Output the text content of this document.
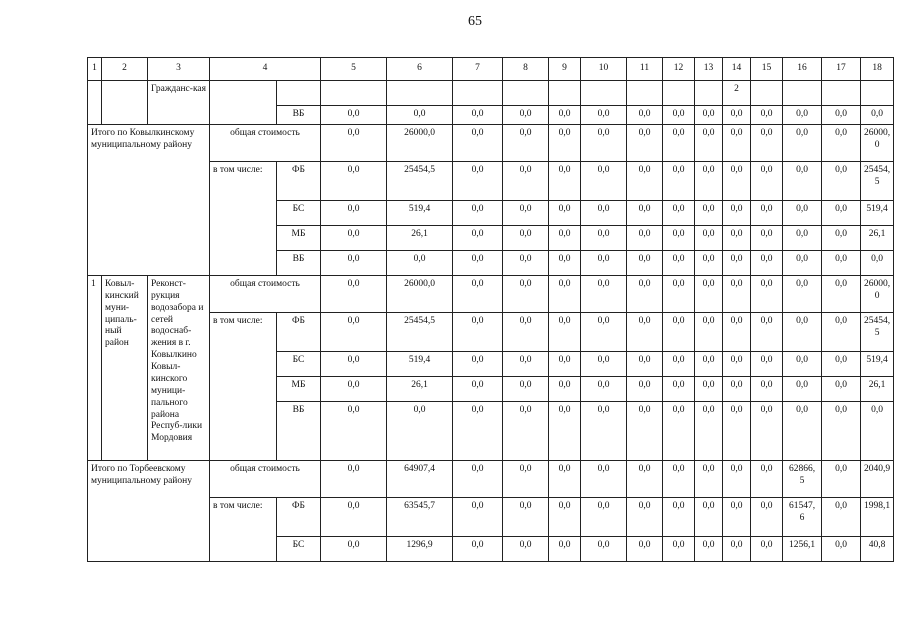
65
1	2	3	4		5	6	7	8	9	10	11	12	13	14	15	16	17	18
		Гражданс-кая												2				
				ВБ	0,0	0,0	0,0	0,0	0,0	0,0	0,0	0,0	0,0	0,0	0,0	0,0	0,0	0,0
Итого по Ковылкинскому муниципальному району			общая стоимость		0,0	26000,0	0,0	0,0	0,0	0,0	0,0	0,0	0,0	0,0	0,0	0,0	0,0	26000, 0
			в том числе:	ФБ	0,0	25454,5	0,0	0,0	0,0	0,0	0,0	0,0	0,0	0,0	0,0	0,0	0,0	25454, 5
				БС	0,0	519,4	0,0	0,0	0,0	0,0	0,0	0,0	0,0	0,0	0,0	0,0	0,0	519,4
				МБ	0,0	26,1	0,0	0,0	0,0	0,0	0,0	0,0	0,0	0,0	0,0	0,0	0,0	26,1
				ВБ	0,0	0,0	0,0	0,0	0,0	0,0	0,0	0,0	0,0	0,0	0,0	0,0	0,0	0,0
1	Ковыл-кинский муни-ципаль-ный район	Реконст-рукция водозабора и сетей водоснаб-жения в г. Ковылкино Ковыл-кинского муници-пального района Респуб-лики Мордовия	общая стоимость		0,0	26000,0	0,0	0,0	0,0	0,0	0,0	0,0	0,0	0,0	0,0	0,0	0,0	26000, 0
			в том числе:	ФБ	0,0	25454,5	0,0	0,0	0,0	0,0	0,0	0,0	0,0	0,0	0,0	0,0	0,0	25454, 5
				БС	0,0	519,4	0,0	0,0	0,0	0,0	0,0	0,0	0,0	0,0	0,0	0,0	0,0	519,4
				МБ	0,0	26,1	0,0	0,0	0,0	0,0	0,0	0,0	0,0	0,0	0,0	0,0	0,0	26,1
				ВБ	0,0	0,0	0,0	0,0	0,0	0,0	0,0	0,0	0,0	0,0	0,0	0,0	0,0	0,0
Итого по Торбеевскому муниципальному району			общая стоимость		0,0	64907,4	0,0	0,0	0,0	0,0	0,0	0,0	0,0	0,0	0,0	62866, 5	0,0	2040,9
			в том числе:	ФБ	0,0	63545,7	0,0	0,0	0,0	0,0	0,0	0,0	0,0	0,0	0,0	61547, 6	0,0	1998,1
				БС	0,0	1296,9	0,0	0,0	0,0	0,0	0,0	0,0	0,0	0,0	0,0	1256,1	0,0	40,8
